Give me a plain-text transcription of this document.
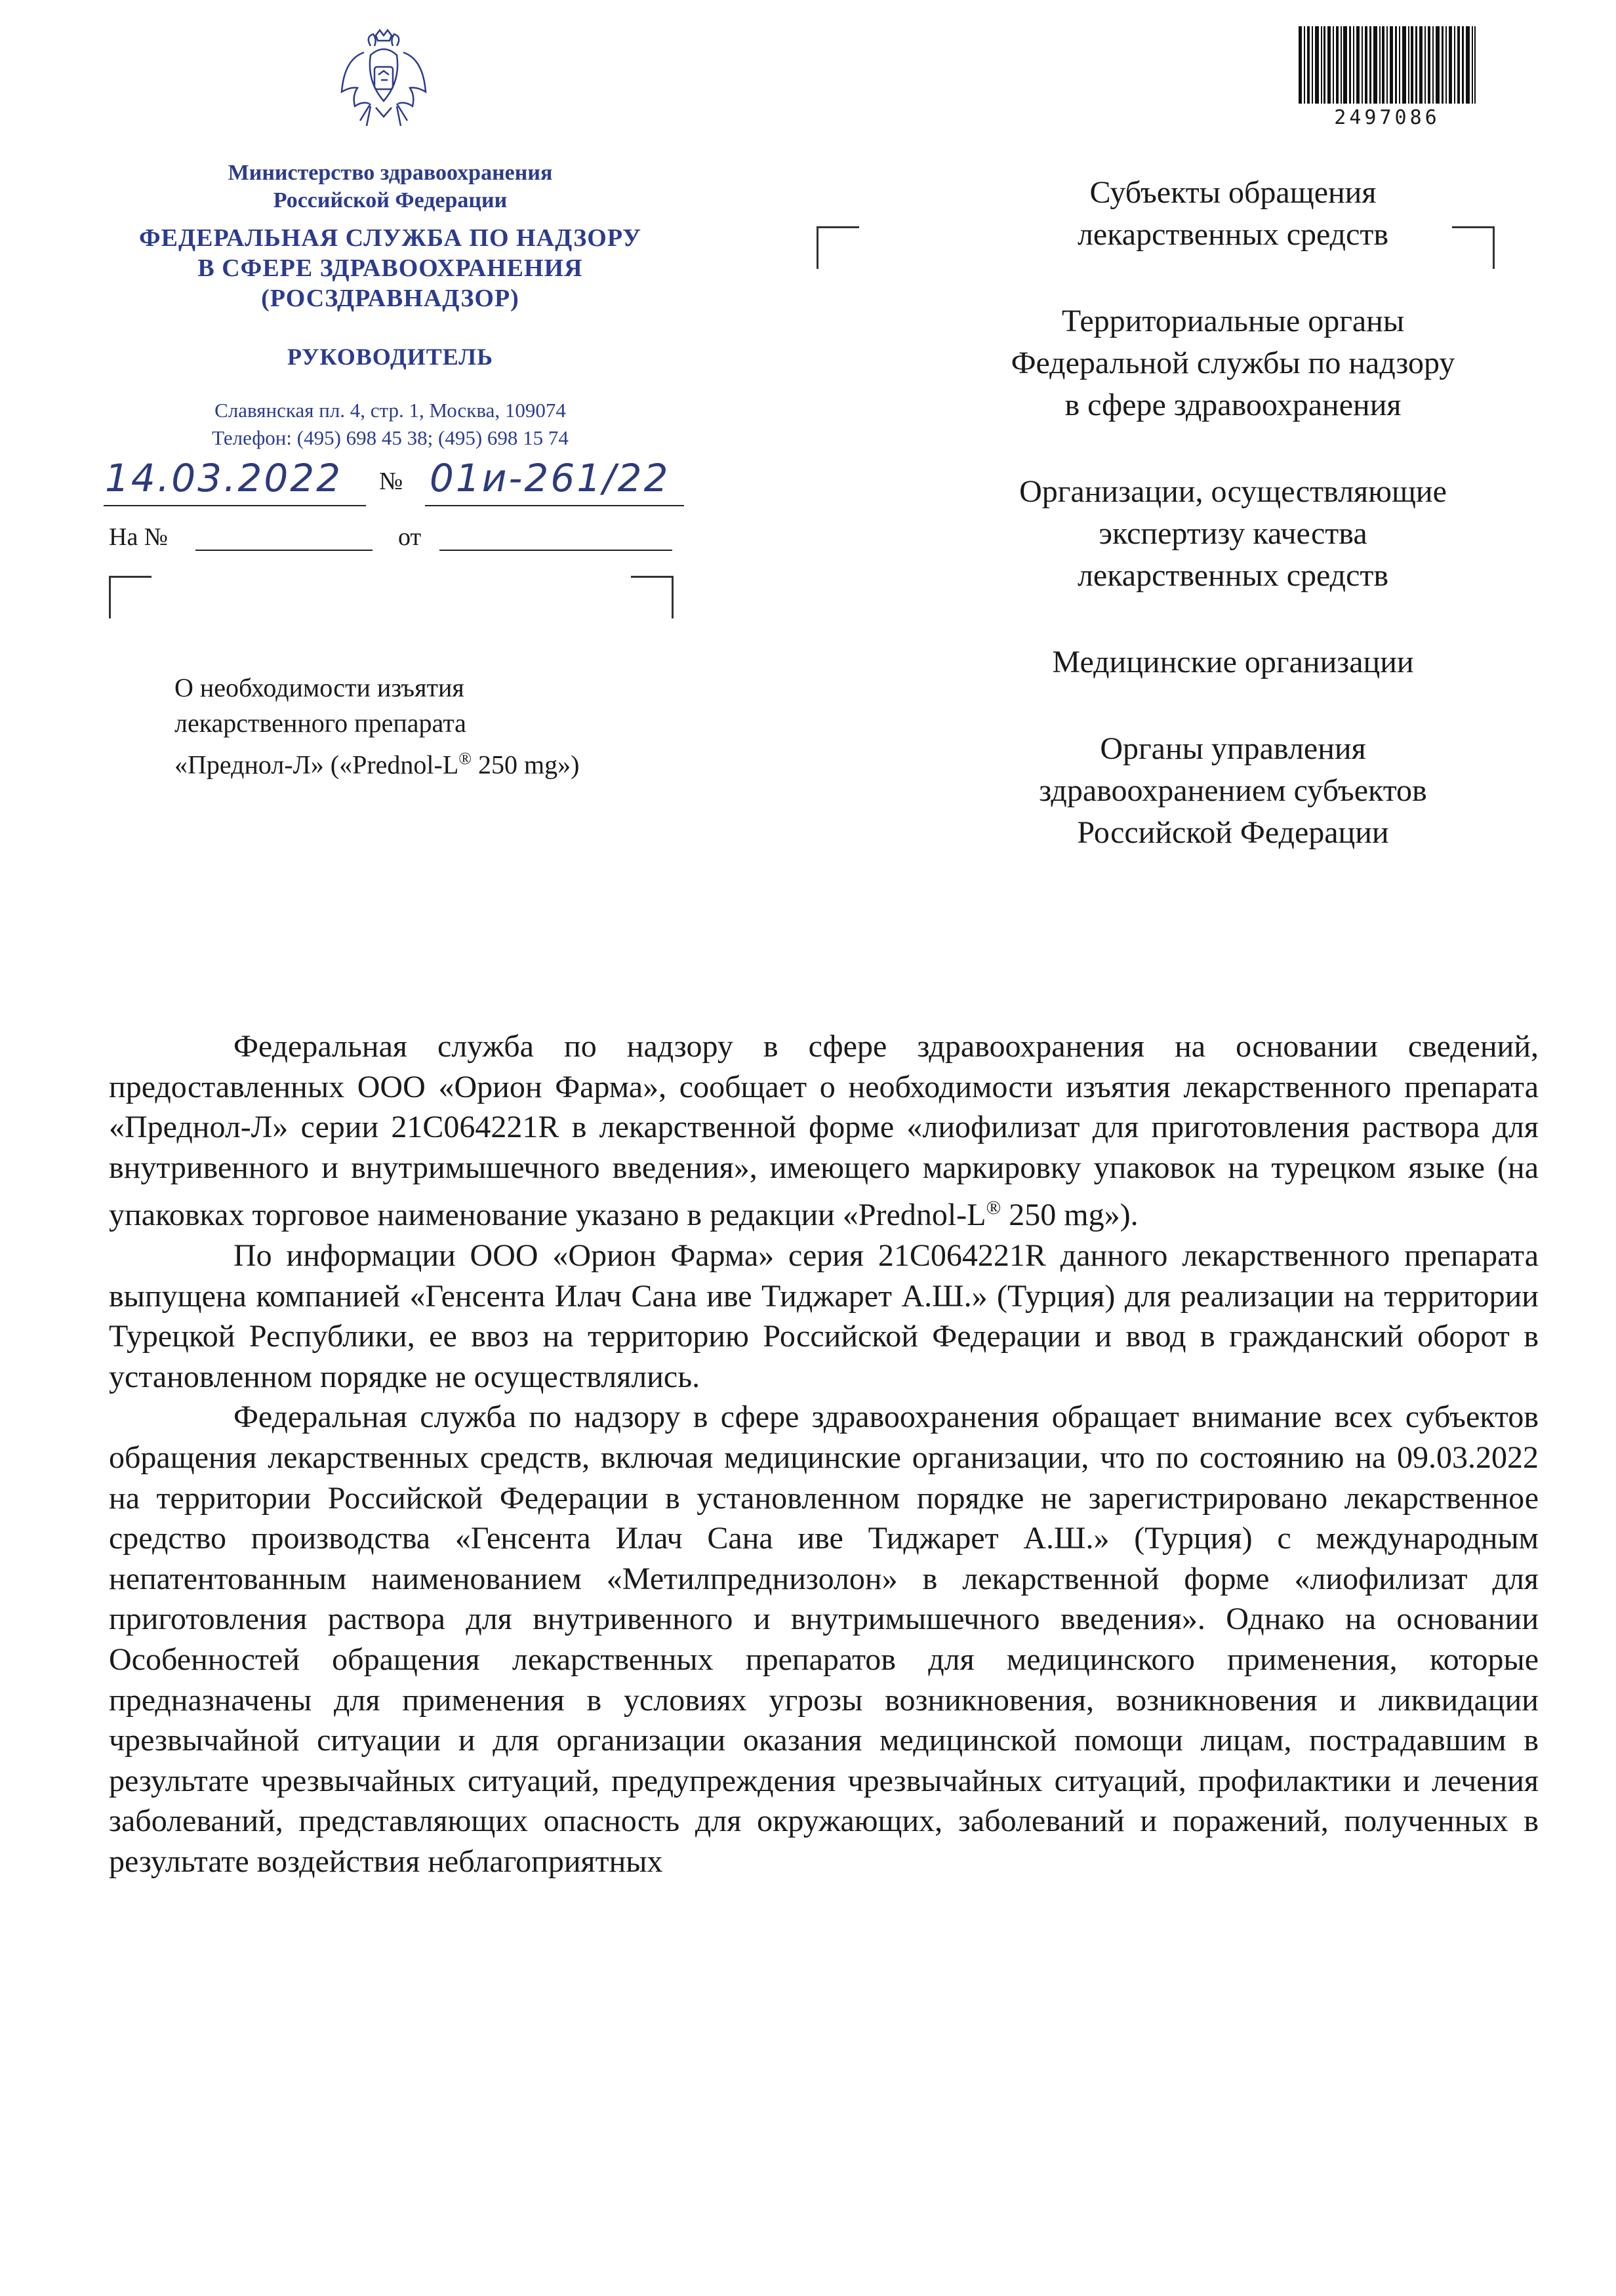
Министерство здравоохранения
Российской Федерации
ФЕДЕРАЛЬНАЯ СЛУЖБА ПО НАДЗОРУ
В СФЕРЕ ЗДРАВООХРАНЕНИЯ
(РОСЗДРАВНАДЗОР)
РУКОВОДИТЕЛЬ
Славянская пл. 4, стр. 1, Москва, 109074
Телефон: (495) 698 45 38; (495) 698 15 74
14.03.2022 № 01и-261/22
На №	от
О необходимости изъятия
лекарственного препарата
«Преднол-Л» («Prednol-L® 250 mg»)
2497086
Субъекты обращения
лекарственных средств
Территориальные органы
Федеральной службы по надзору
в сфере здравоохранения
Организации, осуществляющие
экспертизу качества
лекарственных средств
Медицинские организации
Органы управления
здравоохранением субъектов
Российской Федерации

Федеральная служба по надзору в сфере здравоохранения на основании сведений, предоставленных ООО «Орион Фарма», сообщает о необходимости изъятия лекарственного препарата «Преднол-Л» серии 21C064221R в лекарственной форме «лиофилизат для приготовления раствора для внутривенного и внутримышечного введения», имеющего маркировку упаковок на турецком языке (на упаковках торговое наименование указано в редакции «Prednol-L® 250 mg»).

По информации ООО «Орион Фарма» серия 21C064221R данного лекарственного препарата выпущена компанией «Генсента Илач Сана иве Тиджарет А.Ш.» (Турция) для реализации на территории Турецкой Республики, ее ввоз на территорию Российской Федерации и ввод в гражданский оборот в установленном порядке не осуществлялись.

Федеральная служба по надзору в сфере здравоохранения обращает внимание всех субъектов обращения лекарственных средств, включая медицинские организации, что по состоянию на 09.03.2022 на территории Российской Федерации в установленном порядке не зарегистрировано лекарственное средство производства «Генсента Илач Сана иве Тиджарет А.Ш.» (Турция) с международным непатентованным наименованием «Метилпреднизолон» в лекарственной форме «лиофилизат для приготовления раствора для внутривенного и внутримышечного введения». Однако на основании Особенностей обращения лекарственных препаратов для медицинского применения, которые предназначены для применения в условиях угрозы возникновения, возникновения и ликвидации чрезвычайной ситуации и для организации оказания медицинской помощи лицам, пострадавшим в результате чрезвычайных ситуаций, предупреждения чрезвычайных ситуаций, профилактики и лечения заболеваний, представляющих опасность для окружающих, заболеваний и поражений, полученных в результате воздействия неблагоприятных
